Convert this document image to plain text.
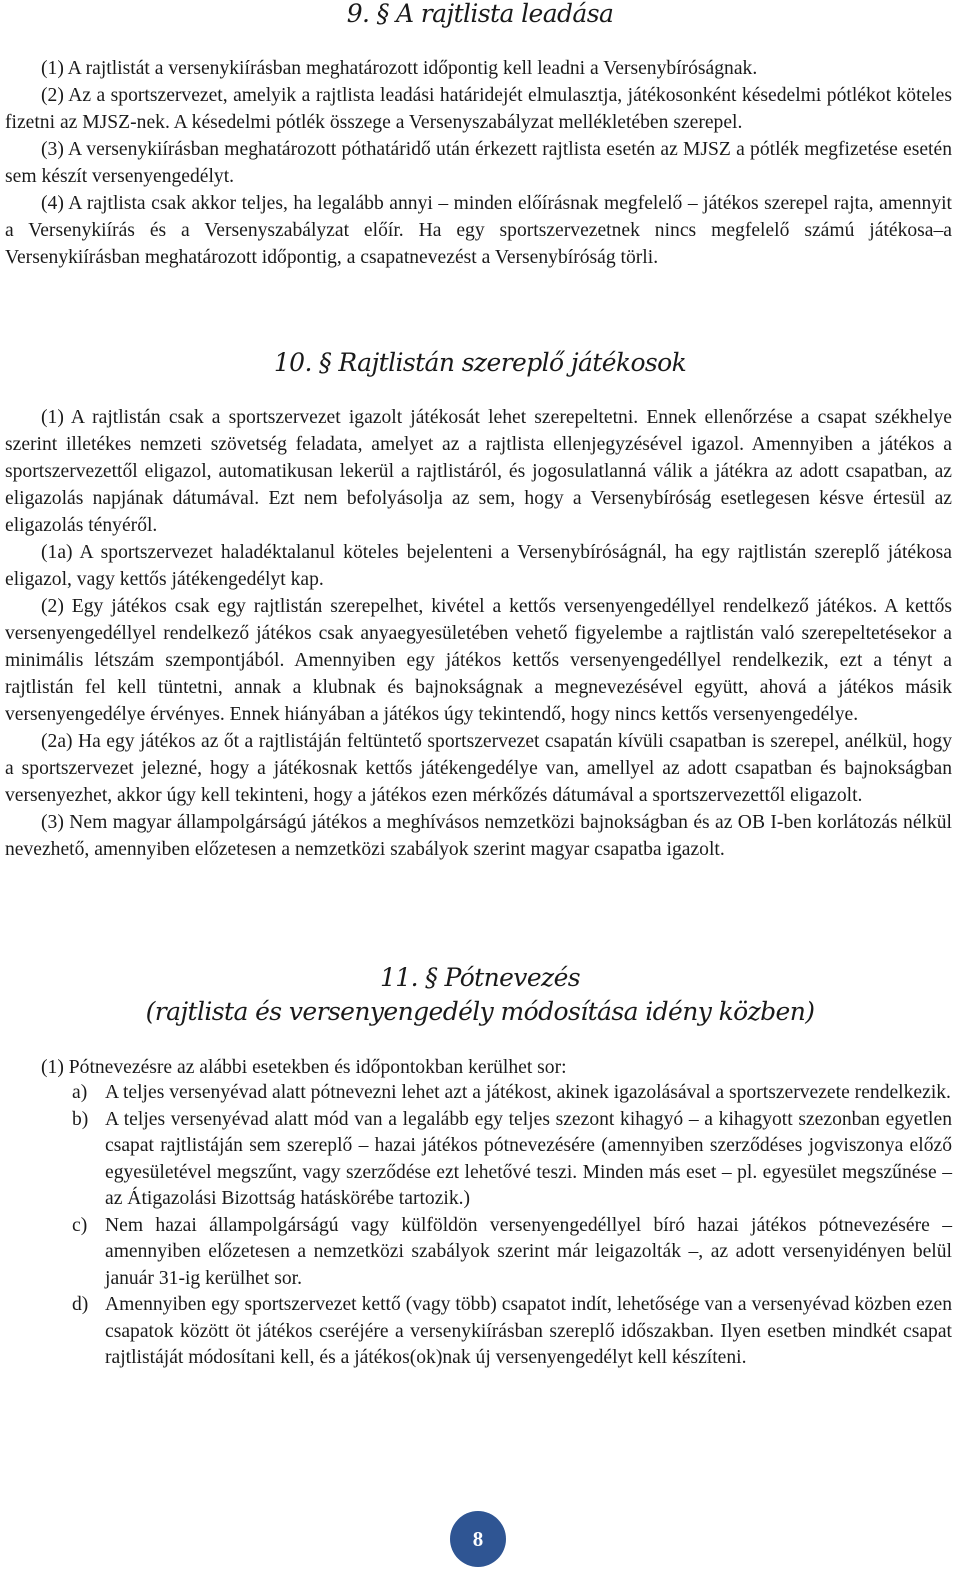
9. § A rajtlista leadása

(1) A rajtlistát a versenykiírásban meghatározott időpontig kell leadni a Versenybíróságnak.

(2) Az a sportszervezet, amelyik a rajtlista leadási határidejét elmulasztja, játékosonként késedelmi pótlékot köteles fizetni az MJSZ-nek. A késedelmi pótlék összege a Versenyszabályzat mellékletében szerepel.

(3) A versenykiírásban meghatározott póthatáridő után érkezett rajtlista esetén az MJSZ a pótlék megfizetése esetén sem készít versenyengedélyt.

(4) A rajtlista csak akkor teljes, ha legalább annyi – minden előírásnak megfelelő – játékos szerepel rajta, amennyit a Versenykiírás és a Versenyszabályzat előír. Ha egy sportszervezetnek nincs megfelelő számú játékosa–a Versenykiírásban meghatározott időpontig, a csapatnevezést a Versenybíróság törli.

10. § Rajtlistán szereplő játékosok

(1) A rajtlistán csak a sportszervezet igazolt játékosát lehet szerepeltetni. Ennek ellenőrzése a csapat székhelye szerint illetékes nemzeti szövetség feladata, amelyet az a rajtlista ellenjegyzésével igazol. Amennyiben a játékos a sportszervezettől eligazol, automatikusan lekerül a rajtlistáról, és jogosulatlanná válik a játékra az adott csapatban, az eligazolás napjának dátumával. Ezt nem befolyásolja az sem, hogy a Versenybíróság esetlegesen késve értesül az eligazolás tényéről.

(1a) A sportszervezet haladéktalanul köteles bejelenteni a Versenybíróságnál, ha egy rajtlistán szereplő játékosa eligazol, vagy kettős játékengedélyt kap.

(2) Egy játékos csak egy rajtlistán szerepelhet, kivétel a kettős versenyengedéllyel rendelkező játékos. A kettős versenyengedéllyel rendelkező játékos csak anyaegyesületében vehető figyelembe a rajtlistán való szerepeltetésekor a minimális létszám szempontjából. Amennyiben egy játékos kettős versenyengedéllyel rendelkezik, ezt a tényt a rajtlistán fel kell tüntetni, annak a klubnak és bajnokságnak a megnevezésével együtt, ahová a játékos másik versenyengedélye érvényes. Ennek hiányában a játékos úgy tekintendő, hogy nincs kettős versenyengedélye.

(2a) Ha egy játékos az őt a rajtlistáján feltüntető sportszervezet csapatán kívüli csapatban is szerepel, anélkül, hogy a sportszervezet jelezné, hogy a játékosnak kettős játékengedélye van, amellyel az adott csapatban és bajnokságban versenyezhet, akkor úgy kell tekinteni, hogy a játékos ezen mérkőzés dátumával a sportszervezettől eligazolt.

(3) Nem magyar állampolgárságú játékos a meghívásos nemzetközi bajnokságban és az OB I-ben korlátozás nélkül nevezhető, amennyiben előzetesen a nemzetközi szabályok szerint magyar csapatba igazolt.

11. § Pótnevezés
(rajtlista és versenyengedély módosítása idény közben)

(1) Pótnevezésre az alábbi esetekben és időpontokban kerülhet sor:

a) A teljes versenyévad alatt pótnevezni lehet azt a játékost, akinek igazolásával a sportszervezete rendelkezik.
b) A teljes versenyévad alatt mód van a legalább egy teljes szezont kihagyó – a kihagyott szezonban egyetlen csapat rajtlistáján sem szereplő – hazai játékos pótnevezésére (amennyiben szerződéses jogviszonya előző egyesületével megszűnt, vagy szerződése ezt lehetővé teszi. Minden más eset – pl. egyesület megszűnése – az Átigazolási Bizottság hatáskörébe tartozik.)
c) Nem hazai állampolgárságú vagy külföldön versenyengedéllyel bíró hazai játékos pótnevezésére – amennyiben előzetesen a nemzetközi szabályok szerint már leigazolták –, az adott versenyidényen belül január 31-ig kerülhet sor.
d) Amennyiben egy sportszervezet kettő (vagy több) csapatot indít, lehetősége van a versenyévad közben ezen csapatok között öt játékos cseréjére a versenykiírásban szereplő időszakban. Ilyen esetben mindkét csapat rajtlistáját módosítani kell, és a játékos(ok)nak új versenyengedélyt kell készíteni.
8
